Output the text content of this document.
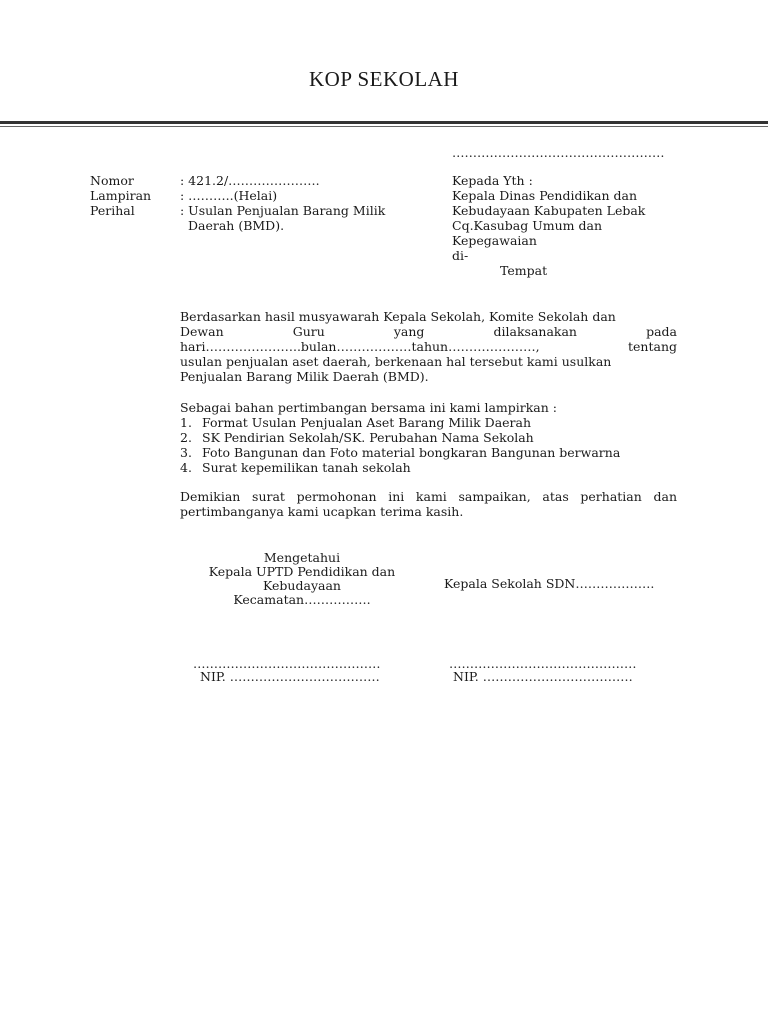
KOP SEKOLAH
……………………………………………
Nomor	: 421.2/………………….
Lampiran	: ………..(Helai)
Perihal	: Usulan Penjualan Barang Milik
Daerah (BMD).
Kepada Yth :
Kepala Dinas Pendidikan dan
Kebudayaan Kabupaten Lebak
Cq.Kasubag Umum dan
Kepegawaian
di-
Tempat
Berdasarkan hasil musyawarah Kepala Sekolah, Komite Sekolah dan
Dewan	Guru	yang	dilaksanakan	pada
hari…………………..bulan………………tahun…………………,	tentang
usulan penjualan aset daerah, berkenaan hal tersebut kami usulkan
Penjualan Barang Milik Daerah (BMD).
Sebagai bahan pertimbangan bersama ini kami lampirkan :
1. Format Usulan Penjualan Aset Barang Milik Daerah
2. SK Pendirian Sekolah/SK. Perubahan Nama Sekolah
3. Foto Bangunan dan Foto material bongkaran Bangunan berwarna
4. Surat kepemilikan tanah sekolah
Demikian surat permohonan ini kami sampaikan, atas perhatian dan pertimbanganya kami ucapkan terima kasih.
Mengetahui
Kepala UPTD Pendidikan dan
Kebudayaan
Kecamatan…………….
Kepala Sekolah SDN……………….
………………………………………	………………………………………
NIP. ………………………………	NIP. ………………………………
